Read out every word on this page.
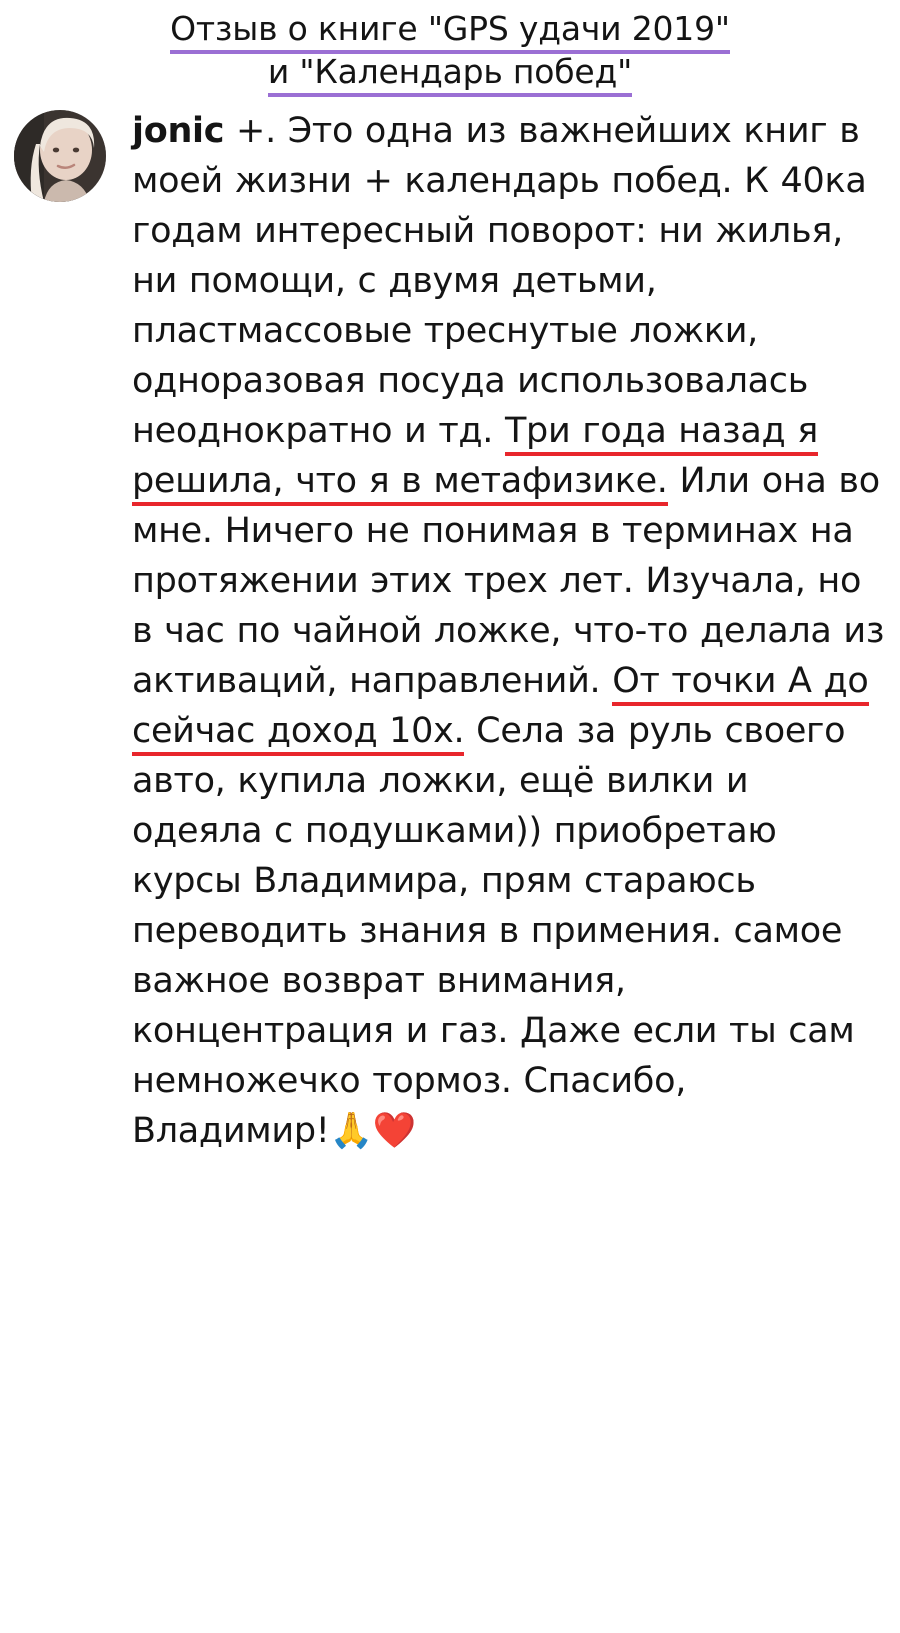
Отзыв о книге "GPS удачи 2019"
и "Календарь побед"
jonic +. Это одна из важнейших книг в моей жизни + календарь побед. К 40ка годам интересный поворот: ни жилья, ни помощи, с двумя детьми, пластмассовые треснутые ложки, одноразовая посуда использовалась неоднократно и тд. Три года назад я решила, что я в метафизике. Или она во мне. Ничего не понимая в терминах на протяжении этих трех лет. Изучала, но в час по чайной ложке, что-то делала из активаций, направлений. От точки А до сейчас доход 10х. Села за руль своего авто, купила ложки, ещё вилки и одеяла с подушками)) приобретаю курсы Владимира, прям стараюсь переводить знания в примения. самое важное возврат внимания, концентрация и газ. Даже если ты сам немножечко тормоз. Спасибо, Владимир!🙏❤️
